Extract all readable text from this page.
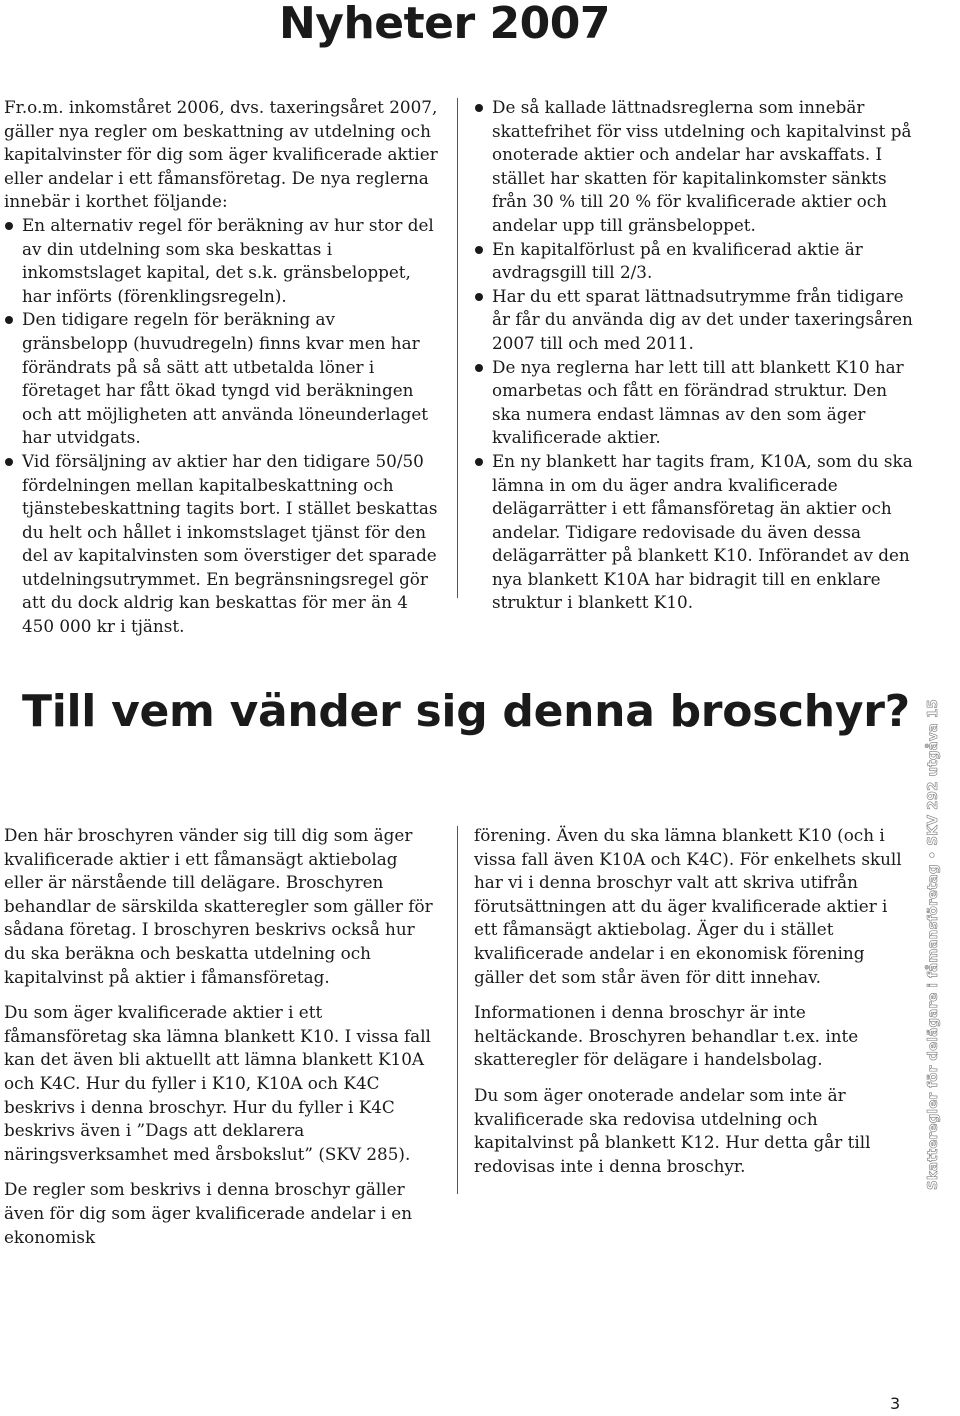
Nyheter 2007

Fr.o.m. inkomståret 2006, dvs. taxeringsåret 2007, gäller nya regler om beskattning av utdelning och kapitalvinster för dig som äger kvalificerade aktier eller andelar i ett fåmansföretag. De nya reglerna innebär i korthet följande:

En alternativ regel för beräkning av hur stor del av din utdelning som ska beskattas i inkomstslaget kapital, det s.k. gränsbeloppet, har införts (förenklingsregeln).
Den tidigare regeln för beräkning av gränsbelopp (huvudregeln) finns kvar men har förändrats på så sätt att utbetalda löner i företaget har fått ökad tyngd vid beräkningen och att möjligheten att använda löneunderlaget har utvidgats.
Vid försäljning av aktier har den tidigare 50/50 fördelningen mellan kapitalbeskattning och tjänstebeskattning tagits bort. I stället beskattas du helt och hållet i inkomstslaget tjänst för den del av kapitalvinsten som överstiger det sparade utdelningsutrymmet. En begränsningsregel gör att du dock aldrig kan beskattas för mer än 4 450 000 kr i tjänst.
De så kallade lättnadsreglerna som innebär skattefrihet för viss utdelning och kapitalvinst på onoterade aktier och andelar har avskaffats. I stället har skatten för kapitalinkomster sänkts från 30 % till 20 % för kvalificerade aktier och andelar upp till gränsbeloppet.
En kapitalförlust på en kvalificerad aktie är avdragsgill till 2/3.
Har du ett sparat lättnadsutrymme från tidigare år får du använda dig av det under taxeringsåren 2007 till och med 2011.
De nya reglerna har lett till att blankett K10 har omarbetas och fått en förändrad struktur. Den ska numera endast lämnas av den som äger kvalificerade aktier.
En ny blankett har tagits fram, K10A, som du ska lämna in om du äger andra kvalificerade delägarrätter i ett fåmansföretag än aktier och andelar. Tidigare redovisade du även dessa delägarrätter på blankett K10. Införandet av den nya blankett K10A har bidragit till en enklare struktur i blankett K10.
Till vem vänder sig denna broschyr?

Den här broschyren vänder sig till dig som äger kvalificerade aktier i ett fåmansägt aktiebolag eller är närstående till delägare. Broschyren behandlar de särskilda skatteregler som gäller för sådana företag. I broschyren beskrivs också hur du ska beräkna och beskatta utdelning och kapitalvinst på aktier i fåmansföretag.

Du som äger kvalificerade aktier i ett fåmansföretag ska lämna blankett K10. I vissa fall kan det även bli aktuellt att lämna blankett K10A och K4C. Hur du fyller i K10, K10A och K4C beskrivs i denna broschyr. Hur du fyller i K4C beskrivs även i ”Dags att deklarera näringsverksamhet med årsbokslut” (SKV 285).

De regler som beskrivs i denna broschyr gäller även för dig som äger kvalificerade andelar i en ekonomisk

förening. Även du ska lämna blankett K10 (och i vissa fall även K10A och K4C). För enkelhets skull har vi i denna broschyr valt att skriva utifrån förutsättningen att du äger kvalificerade aktier i ett fåmansägt aktiebolag. Äger du i stället kvalificerade andelar i en ekonomisk förening gäller det som står även för ditt innehav.

Informationen i denna broschyr är inte heltäckande. Broschyren behandlar t.ex. inte skatteregler för delägare i handelsbolag.

Du som äger onoterade andelar som inte är kvalificerade ska redovisa utdelning och kapitalvinst på blankett K12. Hur detta går till redovisas inte i denna broschyr.	Skatteregler för delägare i fåmansföretag • SKV 292 utgåva 15
3
